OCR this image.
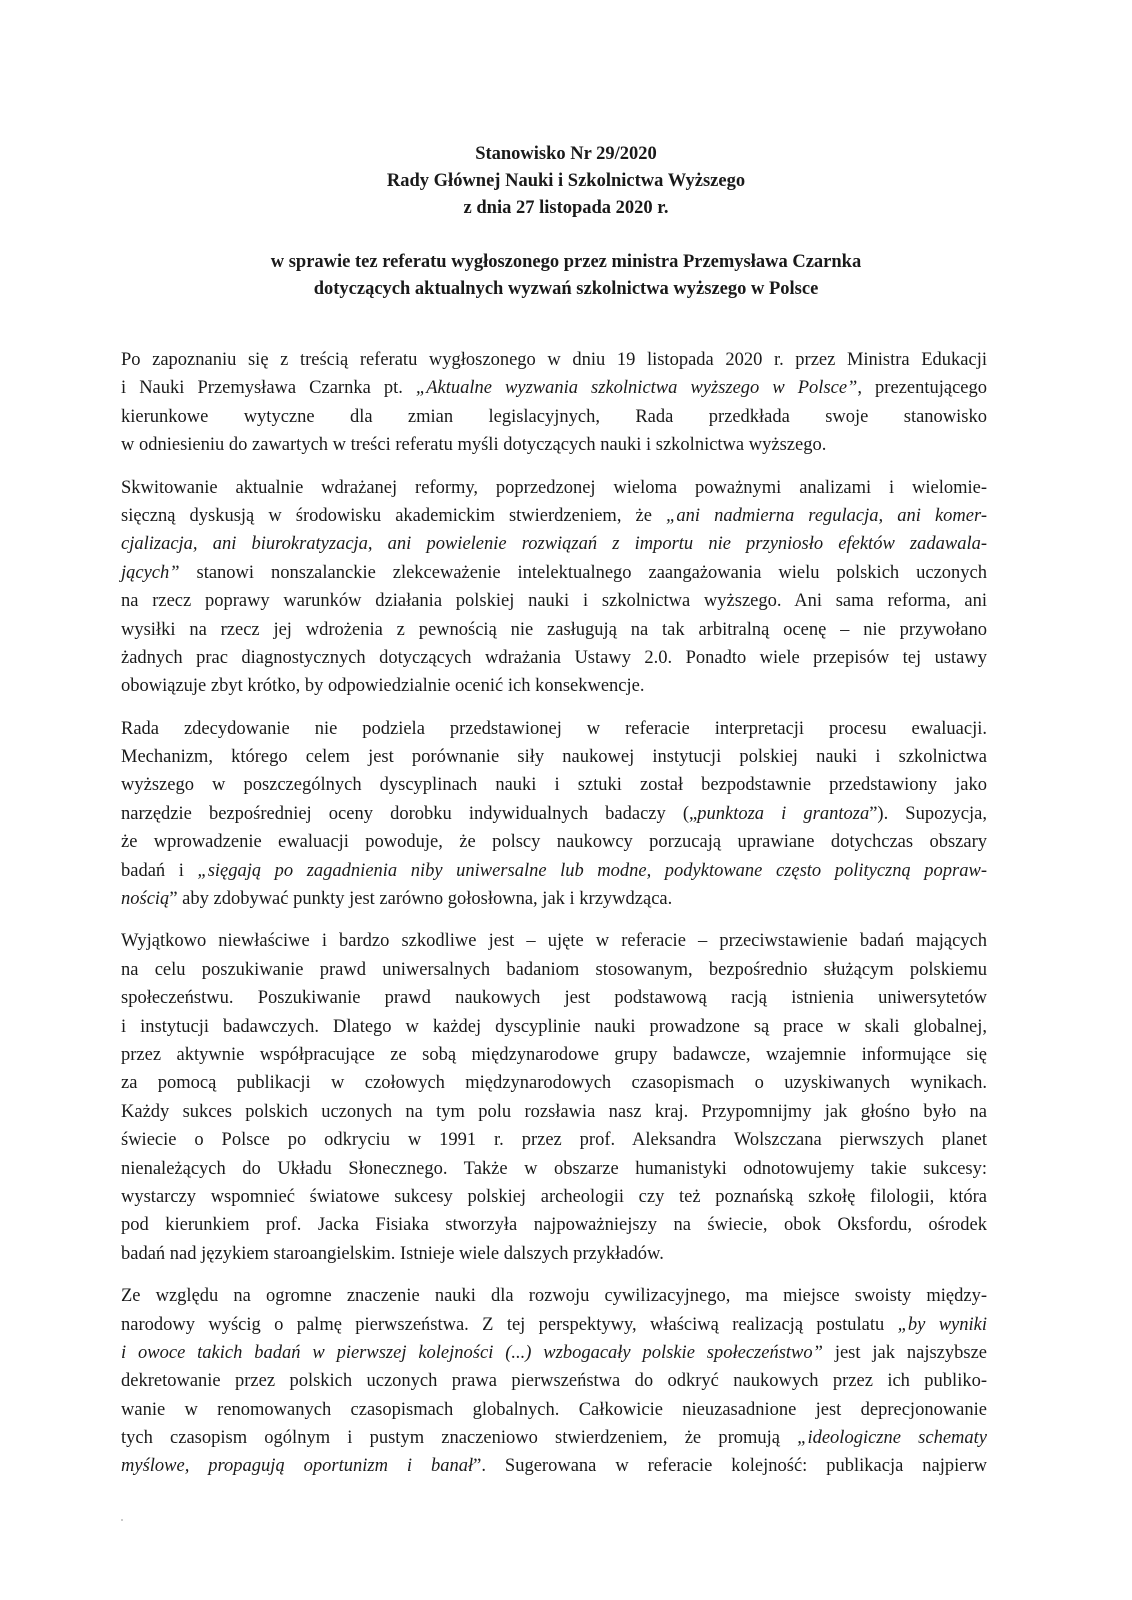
Stanowisko Nr 29/2020
Rady Głównej Nauki i Szkolnictwa Wyższego
z dnia 27 listopada 2020 r.
w sprawie tez referatu wygłoszonego przez ministra Przemysława Czarnka
dotyczących aktualnych wyzwań szkolnictwa wyższego w Polsce
Po zapoznaniu się z treścią referatu wygłoszonego w dniu 19 listopada 2020 r. przez Ministra Edukacji
i Nauki Przemysława Czarnka pt. „Aktualne wyzwania szkolnictwa wyższego w Polsce”, prezentującego
kierunkowe wytyczne dla zmian legislacyjnych, Rada przedkłada swoje stanowisko
w odniesieniu do zawartych w treści referatu myśli dotyczących nauki i szkolnictwa wyższego.
Skwitowanie aktualnie wdrażanej reformy, poprzedzonej wieloma poważnymi analizami i wielomie-
sięczną dyskusją w środowisku akademickim stwierdzeniem, że „ani nadmierna regulacja, ani komer-
cjalizacja, ani biurokratyzacja, ani powielenie rozwiązań z importu nie przyniosło efektów zadawala-
jących” stanowi nonszalanckie zlekceważenie intelektualnego zaangażowania wielu polskich uczonych
na rzecz poprawy warunków działania polskiej nauki i szkolnictwa wyższego. Ani sama reforma, ani
wysiłki na rzecz jej wdrożenia z pewnością nie zasługują na tak arbitralną ocenę – nie przywołano
żadnych prac diagnostycznych dotyczących wdrażania Ustawy 2.0. Ponadto wiele przepisów tej ustawy
obowiązuje zbyt krótko, by odpowiedzialnie ocenić ich konsekwencje.
Rada zdecydowanie nie podziela przedstawionej w referacie interpretacji procesu ewaluacji.
Mechanizm, którego celem jest porównanie siły naukowej instytucji polskiej nauki i szkolnictwa
wyższego w poszczególnych dyscyplinach nauki i sztuki został bezpodstawnie przedstawiony jako
narzędzie bezpośredniej oceny dorobku indywidualnych badaczy („punktoza i grantoza”). Supozycja,
że wprowadzenie ewaluacji powoduje, że polscy naukowcy porzucają uprawiane dotychczas obszary
badań i „sięgają po zagadnienia niby uniwersalne lub modne, podyktowane często polityczną popraw-
nością” aby zdobywać punkty jest zarówno gołosłowna, jak i krzywdząca.
Wyjątkowo niewłaściwe i bardzo szkodliwe jest – ujęte w referacie – przeciwstawienie badań mających
na celu poszukiwanie prawd uniwersalnych badaniom stosowanym, bezpośrednio służącym polskiemu
społeczeństwu. Poszukiwanie prawd naukowych jest podstawową racją istnienia uniwersytetów
i instytucji badawczych. Dlatego w każdej dyscyplinie nauki prowadzone są prace w skali globalnej,
przez aktywnie współpracujące ze sobą międzynarodowe grupy badawcze, wzajemnie informujące się
za pomocą publikacji w czołowych międzynarodowych czasopismach o uzyskiwanych wynikach.
Każdy sukces polskich uczonych na tym polu rozsławia nasz kraj. Przypomnijmy jak głośno było na
świecie o Polsce po odkryciu w 1991 r. przez prof. Aleksandra Wolszczana pierwszych planet
nienależących do Układu Słonecznego. Także w obszarze humanistyki odnotowujemy takie sukcesy:
wystarczy wspomnieć światowe sukcesy polskiej archeologii czy też poznańską szkołę filologii, która
pod kierunkiem prof. Jacka Fisiaka stworzyła najpoważniejszy na świecie, obok Oksfordu, ośrodek
badań nad językiem staroangielskim. Istnieje wiele dalszych przykładów.
Ze względu na ogromne znaczenie nauki dla rozwoju cywilizacyjnego, ma miejsce swoisty między-
narodowy wyścig o palmę pierwszeństwa. Z tej perspektywy, właściwą realizacją postulatu „by wyniki
i owoce takich badań w pierwszej kolejności (...) wzbogacały polskie społeczeństwo” jest jak najszybsze
dekretowanie przez polskich uczonych prawa pierwszeństwa do odkryć naukowych przez ich publiko-
wanie w renomowanych czasopismach globalnych. Całkowicie nieuzasadnione jest deprecjonowanie
tych czasopism ogólnym i pustym znaczeniowo stwierdzeniem, że promują „ideologiczne schematy
myślowe, propagują oportunizm i banał”. Sugerowana w referacie kolejność: publikacja najpierw
